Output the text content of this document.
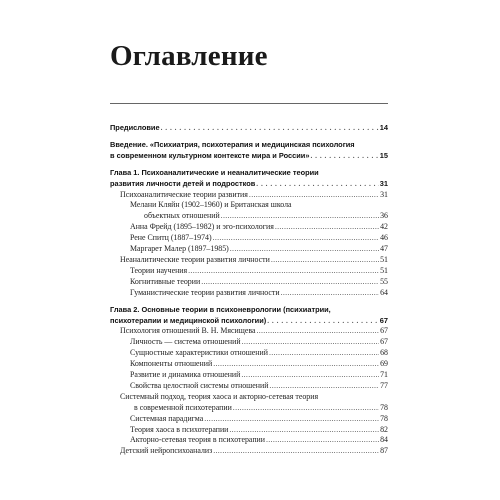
Оглавление
Предисловие . . .	14
Введение. «Психиатрия, психотерапия и медицинская психология
в современном культурном контексте мира и России» . . .	15
Глава 1. Психоаналитические и неаналитические теории
развития личности детей и подростков . . .	31
Психоаналитические теории развития .....	31
Мелани Кляйн (1902–1960) и Британская школа
объектных отношений .....	36
Анна Фрейд (1895–1982) и эго-психология .....	42
Рене Спитц (1887–1974) .....	46
Маргарет Малер (1897–1985) .....	47
Неаналитические теории развития личности .....	51
Теории научения .....	51
Когнитивные теории .....	55
Гуманистические теории развития личности .....	64
Глава 2. Основные теории в психоневрологии (психиатрии,
психотерапии и медицинской психологии) . . .	67
Психология отношений В. Н. Мясищева .....	67
Личность — система отношений .....	67
Сущностные характеристики отношений .....	68
Компоненты отношений .....	69
Развитие и динамика отношений .....	71
Свойства целостной системы отношений .....	77
Системный подход, теория хаоса и акторно-сетевая теория
в современной психотерапии .....	78
Системная парадигма .....	78
Теория хаоса в психотерапии .....	82
Акторно-сетевая теория в психотерапии .....	84
Детский нейропсихоанализ .....	87
